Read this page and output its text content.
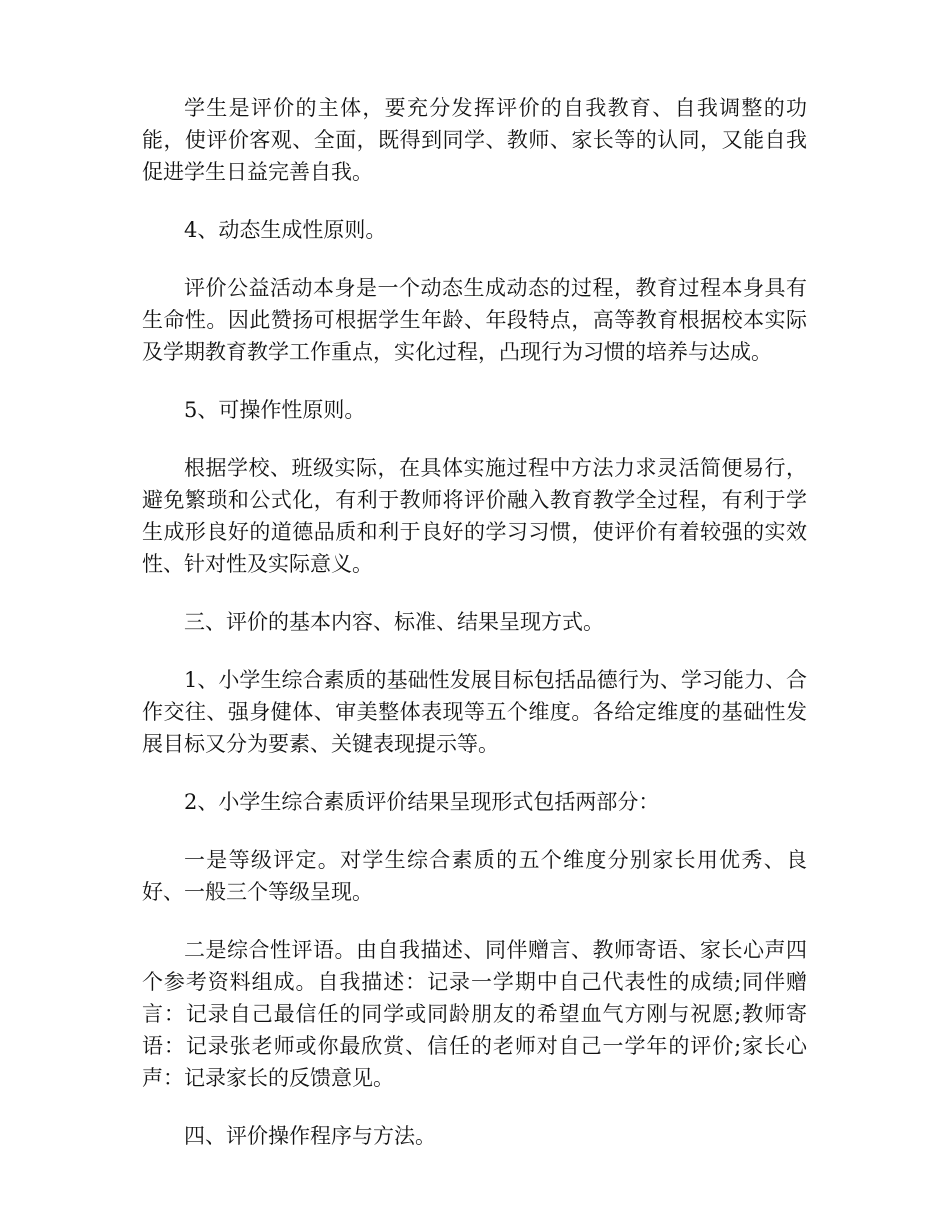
学生是评价的主体，要充分发挥评价的自我教育、自我调整的功能，使评价客观、全面，既得到同学、教师、家长等的认同，又能自我促进学生日益完善自我。

4、动态生成性原则。

评价公益活动本身是一个动态生成动态的过程，教育过程本身具有生命性。因此赞扬可根据学生年龄、年段特点，高等教育根据校本实际及学期教育教学工作重点，实化过程，凸现行为习惯的培养与达成。

5、可操作性原则。

根据学校、班级实际，在具体实施过程中方法力求灵活简便易行，避免繁琐和公式化，有利于教师将评价融入教育教学全过程，有利于学生成形良好的道德品质和利于良好的学习习惯，使评价有着较强的实效性、针对性及实际意义。

三、评价的基本内容、标准、结果呈现方式。

1、小学生综合素质的基础性发展目标包括品德行为、学习能力、合作交往、强身健体、审美整体表现等五个维度。各给定维度的基础性发展目标又分为要素、关键表现提示等。

2、小学生综合素质评价结果呈现形式包括两部分：

一是等级评定。对学生综合素质的五个维度分别家长用优秀、良好、一般三个等级呈现。

二是综合性评语。由自我描述、同伴赠言、教师寄语、家长心声四个参考资料组成。自我描述：记录一学期中自己代表性的成绩;同伴赠言：记录自己最信任的同学或同龄朋友的希望血气方刚与祝愿;教师寄语：记录张老师或你最欣赏、信任的老师对自己一学年的评价;家长心声：记录家长的反馈意见。

四、评价操作程序与方法。
